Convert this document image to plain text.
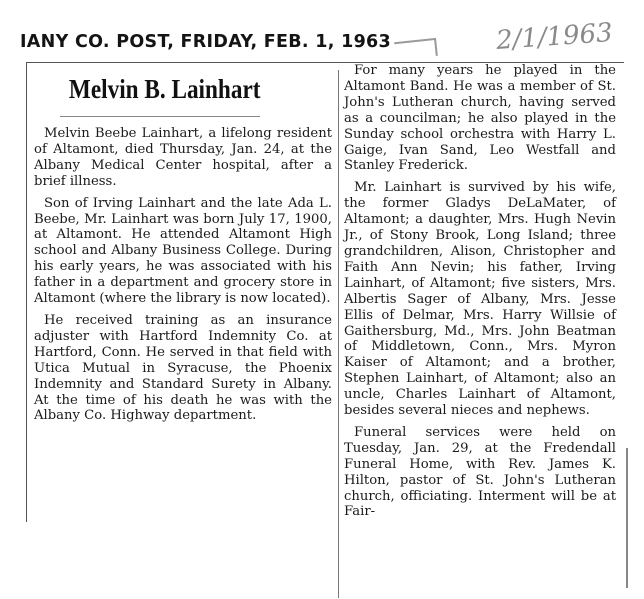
IANY CO. POST, FRIDAY, FEB. 1, 1963	2/1/1963
Melvin B. Lainhart

Melvin Beebe Lainhart, a lifelong resident of Altamont, died Thursday, Jan. 24, at the Albany Medical Center hospital, after a brief illness.

Son of Irving Lainhart and the late Ada L. Beebe, Mr. Lainhart was born July 17, 1900, at Altamont. He attended Altamont High school and Albany Business College. During his early years, he was associated with his father in a department and grocery store in Altamont (where the library is now located).

He received training as an insurance adjuster with Hartford Indemnity Co. at Hartford, Conn. He served in that field with Utica Mutual in Syracuse, the Phoenix Indemnity and Standard Surety in Albany. At the time of his death he was with the Albany Co. Highway department.

For many years he played in the Altamont Band. He was a member of St. John's Lutheran church, having served as a councilman; he also played in the Sunday school orchestra with Harry L. Gaige, Ivan Sand, Leo Westfall and Stanley Frederick.

Mr. Lainhart is survived by his wife, the former Gladys DeLaMater, of Altamont; a daughter, Mrs. Hugh Nevin Jr., of Stony Brook, Long Island; three grandchildren, Alison, Christopher and Faith Ann Nevin; his father, Irving Lainhart, of Altamont; five sisters, Mrs. Albertis Sager of Albany, Mrs. Jesse Ellis of Delmar, Mrs. Harry Willsie of Gaithersburg, Md., Mrs. John Beatman of Middletown, Conn., Mrs. Myron Kaiser of Altamont; and a brother, Stephen Lainhart, of Altamont; also an uncle, Charles Lainhart of Altamont, besides several nieces and nephews.

Funeral services were held on Tuesday, Jan. 29, at the Fredendall Funeral Home, with Rev. James K. Hilton, pastor of St. John's Lutheran church, officiating. Interment will be at Fair-
